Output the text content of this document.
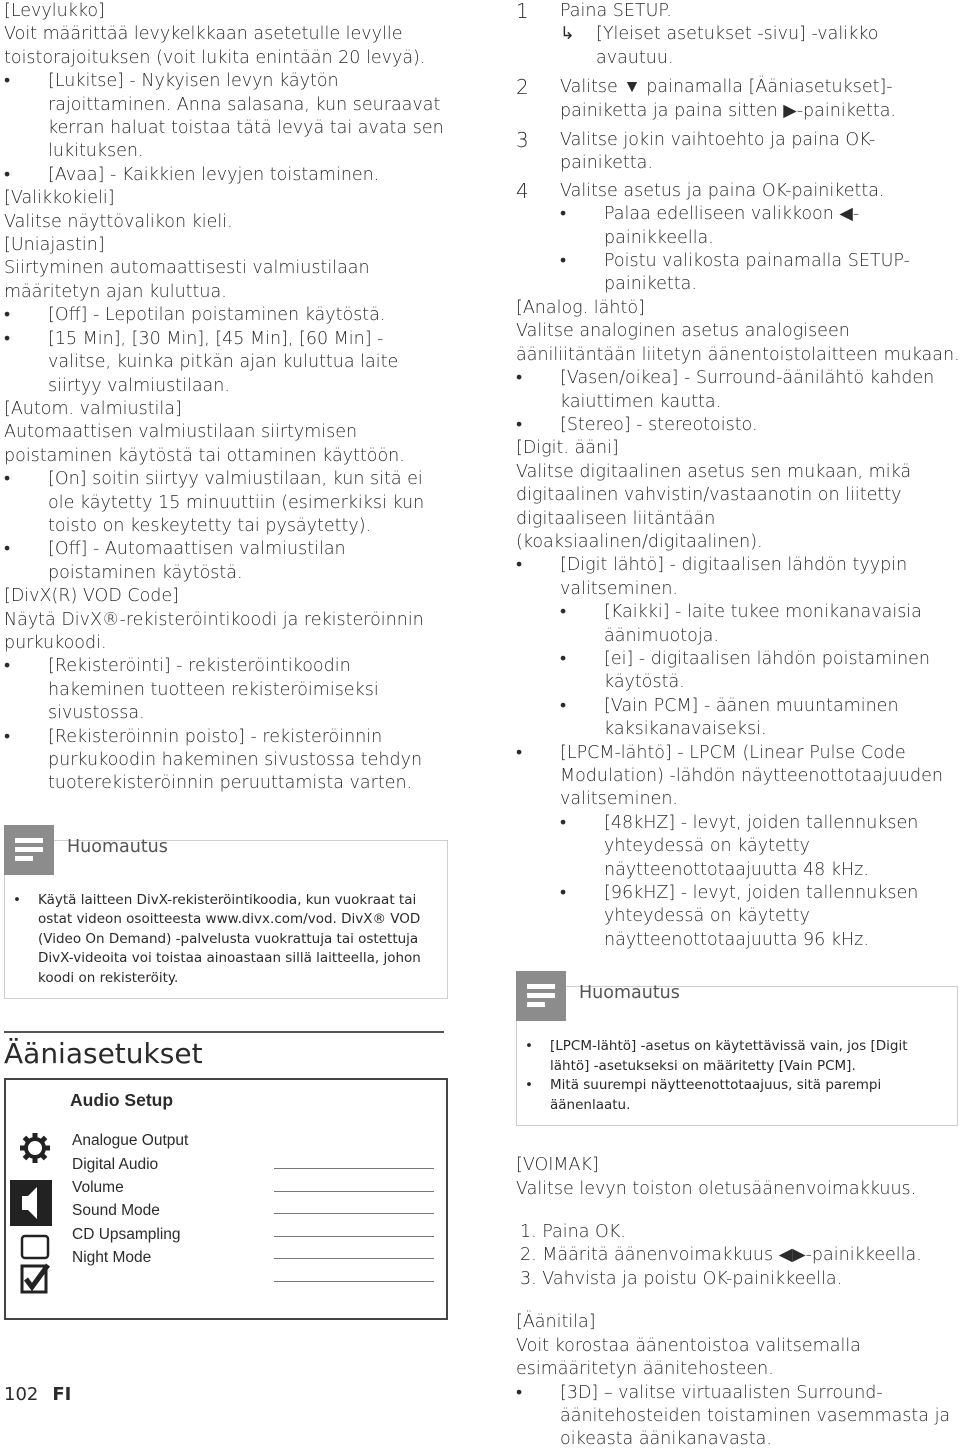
[Levylukko]

Voit määrittää levykelkkaan asetetulle levylle toistorajoituksen (voit lukita enintään 20 levyä).

• [Lukitse] - Nykyisen levyn käytön rajoittaminen. Anna salasana, kun seuraavat kerran haluat toistaa tätä levyä tai avata sen lukituksen.

• [Avaa] - Kaikkien levyjen toistaminen.

[Valikkokieli]

Valitse näyttövalikon kieli.

[Uniajastin]

Siirtyminen automaattisesti valmiustilaan määritetyn ajan kuluttua.

• [Off] - Lepotilan poistaminen käytöstä.

• [15 Min], [30 Min], [45 Min], [60 Min] - valitse, kuinka pitkän ajan kuluttua laite siirtyy valmiustilaan.

[Autom. valmiustila]

Automaattisen valmiustilaan siirtymisen poistaminen käytöstä tai ottaminen käyttöön.

• [On] soitin siirtyy valmiustilaan, kun sitä ei ole käytetty 15 minuuttiin (esimerkiksi kun toisto on keskeytetty tai pysäytetty).

• [Off] - Automaattisen valmiustilan poistaminen käytöstä.

[DivX(R) VOD Code]

Näytä DivX®-rekisteröintikoodi ja rekisteröinnin purkukoodi.

• [Rekisteröinti] - rekisteröintikoodin hakeminen tuotteen rekisteröimiseksi sivustossa.

• [Rekisteröinnin poisto] - rekisteröinnin purkukoodin hakeminen sivustossa tehdyn tuoterekisteröinnin peruuttamista varten.

Huomautus

• Käytä laitteen DivX-rekisteröintikoodia, kun vuokraat tai ostat videon osoitteesta www.divx.com/vod. DivX® VOD (Video On Demand) -palvelusta vuokrattuja tai ostettuja DivX-videoita voi toistaa ainoastaan sillä laitteella, johon koodi on rekisteröity.

Ääniasetukset
Audio Setup
Analogue Output
Digital Audio
Volume
Sound Mode
CD Upsampling
Night Mode
102 FI

1 Paina SETUP.

↳ [Yleiset asetukset -sivu] -valikko avautuu.

2 Valitse ▼ painamalla [Ääniasetukset]-painiketta ja paina sitten ▶-painiketta.

3 Valitse jokin vaihtoehto ja paina OK-painiketta.

4 Valitse asetus ja paina OK-painiketta.

• Palaa edelliseen valikkoon ◀-painikkeella.

• Poistu valikosta painamalla SETUP-painiketta.

[Analog. lähtö]

Valitse analoginen asetus analogiseen ääniliitäntään liitetyn äänentoistolaitteen mukaan.

• [Vasen/oikea] - Surround-äänilähtö kahden kaiuttimen kautta.

• [Stereo] - stereotoisto.

[Digit. ääni]

Valitse digitaalinen asetus sen mukaan, mikä digitaalinen vahvistin/vastaanotin on liitetty digitaaliseen liitäntään (koaksiaalinen/digitaalinen).

• [Digit lähtö] - digitaalisen lähdön tyypin valitseminen.

• [Kaikki] - laite tukee monikanavaisia äänimuotoja.

• [ei] - digitaalisen lähdön poistaminen käytöstä.

• [Vain PCM] - äänen muuntaminen kaksikanavaiseksi.

• [LPCM-lähtö] - LPCM (Linear Pulse Code Modulation) -lähdön näytteenottotaajuuden valitseminen.

• [48kHZ] - levyt, joiden tallennuksen yhteydessä on käytetty näytteenottotaajuutta 48 kHz.

• [96kHZ] - levyt, joiden tallennuksen yhteydessä on käytetty näytteenottotaajuutta 96 kHz.

Huomautus

• [LPCM-lähtö] -asetus on käytettävissä vain, jos [Digit lähtö] -asetukseksi on määritetty [Vain PCM].

• Mitä suurempi näytteenottotaajuus, sitä parempi äänenlaatu.

[VOIMAK]

Valitse levyn toiston oletusäänenvoimakkuus.

1. Paina OK.

2. Määritä äänenvoimakkuus ◀▶-painikkeella.

3. Vahvista ja poistu OK-painikkeella.

[Äänitila]

Voit korostaa äänentoistoa valitsemalla esimääritetyn äänitehosteen.

• [3D] – valitse virtuaalisten Surround-äänitehosteiden toistaminen vasemmasta ja oikeasta äänikanavasta.
